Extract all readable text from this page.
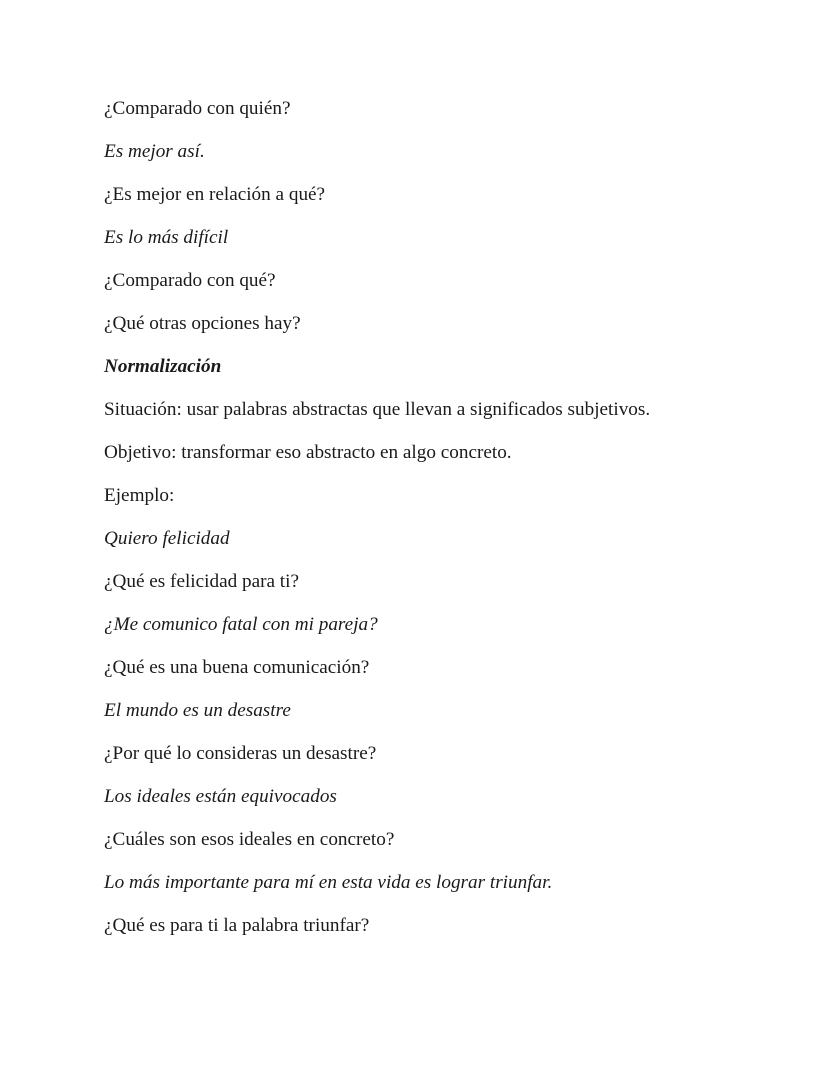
¿Comparado con quién?

Es mejor así.

¿Es mejor en relación a qué?

Es lo más difícil

¿Comparado con qué?

¿Qué otras opciones hay?

Normalización

Situación: usar palabras abstractas que llevan a significados subjetivos.

Objetivo: transformar eso abstracto en algo concreto.

Ejemplo:

Quiero felicidad

¿Qué es felicidad para ti?

¿Me comunico fatal con mi pareja?

¿Qué es una buena comunicación?

El mundo es un desastre

¿Por qué lo consideras un desastre?

Los ideales están equivocados

¿Cuáles son esos ideales en concreto?

Lo más importante para mí en esta vida es lograr triunfar.

¿Qué es para ti la palabra triunfar?
